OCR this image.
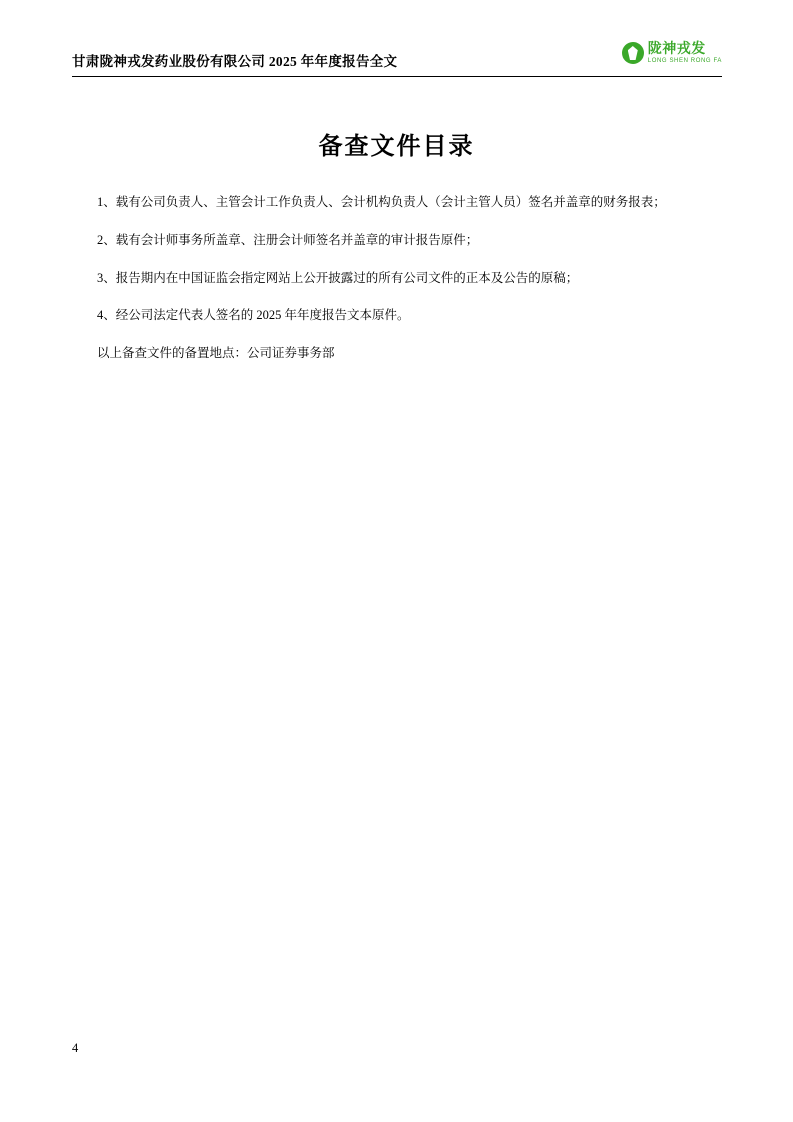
甘肃陇神戎发药业股份有限公司 2025 年年度报告全文
陇神戎发
LONG SHEN RONG FA
备查文件目录
1、载有公司负责人、主管会计工作负责人、会计机构负责人（会计主管人员）签名并盖章的财务报表；
2、载有会计师事务所盖章、注册会计师签名并盖章的审计报告原件；
3、报告期内在中国证监会指定网站上公开披露过的所有公司文件的正本及公告的原稿；
4、经公司法定代表人签名的 2025 年年度报告文本原件。
以上备查文件的备置地点：公司证券事务部
4
